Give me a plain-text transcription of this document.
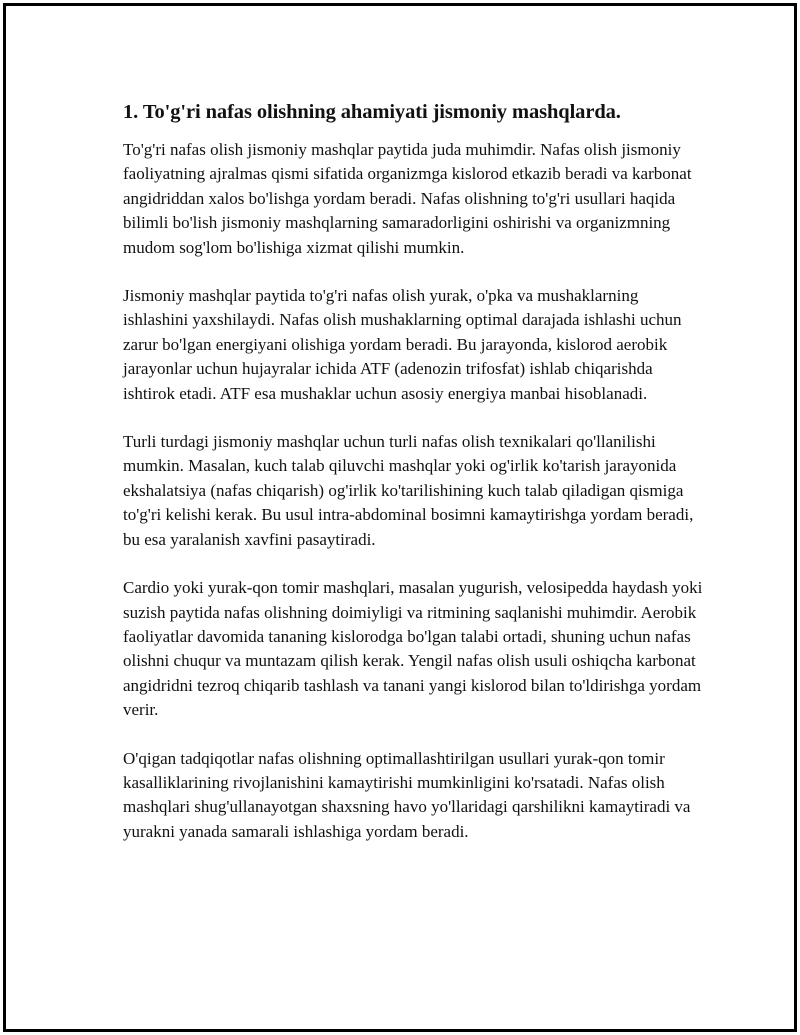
1. To'g'ri nafas olishning ahamiyati jismoniy mashqlarda.

To'g'ri nafas olish jismoniy mashqlar paytida juda muhimdir. Nafas olish jismoniy faoliyatning ajralmas qismi sifatida organizmga kislorod etkazib beradi va karbonat angidriddan xalos bo'lishga yordam beradi. Nafas olishning to'g'ri usullari haqida bilimli bo'lish jismoniy mashqlarning samaradorligini oshirishi va organizmning mudom sog'lom bo'lishiga xizmat qilishi mumkin.

Jismoniy mashqlar paytida to'g'ri nafas olish yurak, o'pka va mushaklarning ishlashini yaxshilaydi. Nafas olish mushaklarning optimal darajada ishlashi uchun zarur bo'lgan energiyani olishiga yordam beradi. Bu jarayonda, kislorod aerobik jarayonlar uchun hujayralar ichida ATF (adenozin trifosfat) ishlab chiqarishda ishtirok etadi. ATF esa mushaklar uchun asosiy energiya manbai hisoblanadi.

Turli turdagi jismoniy mashqlar uchun turli nafas olish texnikalari qo'llanilishi mumkin. Masalan, kuch talab qiluvchi mashqlar yoki og'irlik ko'tarish jarayonida ekshalatsiya (nafas chiqarish) og'irlik ko'tarilishining kuch talab qiladigan qismiga to'g'ri kelishi kerak. Bu usul intra-abdominal bosimni kamaytirishga yordam beradi, bu esa yaralanish xavfini pasaytiradi.

Cardio yoki yurak-qon tomir mashqlari, masalan yugurish, velosipedda haydash yoki suzish paytida nafas olishning doimiyligi va ritmining saqlanishi muhimdir. Aerobik faoliyatlar davomida tananing kislorodga bo'lgan talabi ortadi, shuning uchun nafas olishni chuqur va muntazam qilish kerak. Yengil nafas olish usuli oshiqcha karbonat angidridni tezroq chiqarib tashlash va tanani yangi kislorod bilan to'ldirishga yordam verir.

O'qigan tadqiqotlar nafas olishning optimallashtirilgan usullari yurak-qon tomir kasalliklarining rivojlanishini kamaytirishi mumkinligini ko'rsatadi. Nafas olish mashqlari shug'ullanayotgan shaxsning havo yo'llaridagi qarshilikni kamaytiradi va yurakni yanada samarali ishlashiga yordam beradi.
